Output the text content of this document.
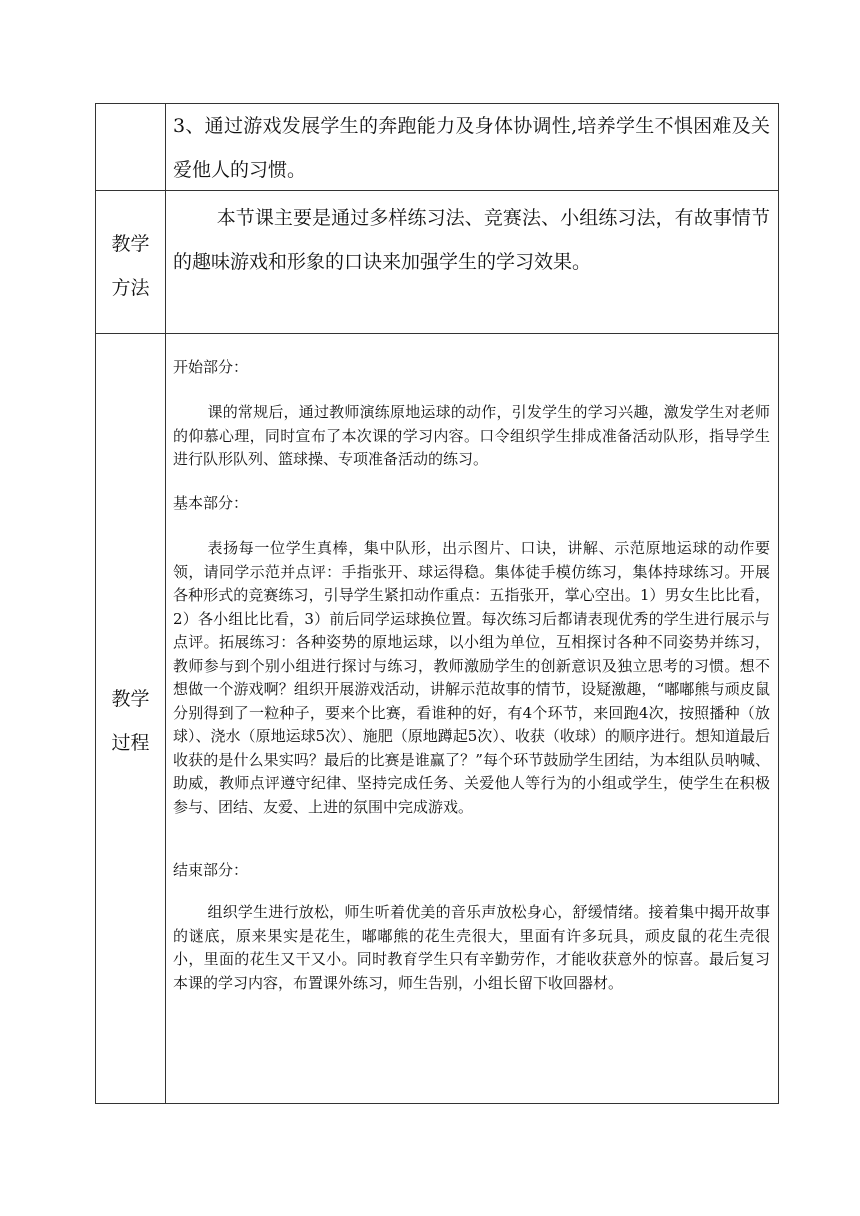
3、通过游戏发展学生的奔跑能力及身体协调性,培养学生不惧困难及关爱他人的习惯。
教学
方法
本节课主要是通过多样练习法、竞赛法、小组练习法，有故事情节的趣味游戏和形象的口诀来加强学生的学习效果。
教学
过程
开始部分：
课的常规后，通过教师演练原地运球的动作，引发学生的学习兴趣，激发学生对老师的仰慕心理，同时宣布了本次课的学习内容。口令组织学生排成准备活动队形，指导学生进行队形队列、篮球操、专项准备活动的练习。
基本部分：
表扬每一位学生真棒，集中队形，出示图片、口诀，讲解、示范原地运球的动作要领，请同学示范并点评：手指张开、球运得稳。集体徒手模仿练习，集体持球练习。开展各种形式的竞赛练习，引导学生紧扣动作重点：五指张开，掌心空出。1）男女生比比看，2）各小组比比看，3）前后同学运球换位置。每次练习后都请表现优秀的学生进行展示与点评。拓展练习：各种姿势的原地运球，以小组为单位，互相探讨各种不同姿势并练习，教师参与到个别小组进行探讨与练习，教师激励学生的创新意识及独立思考的习惯。想不想做一个游戏啊？组织开展游戏活动，讲解示范故事的情节，设疑激趣，“嘟嘟熊与顽皮鼠分别得到了一粒种子，要来个比赛，看谁种的好，有4个环节，来回跑4次，按照播种（放球）、浇水（原地运球5次）、施肥（原地蹲起5次）、收获（收球）的顺序进行。想知道最后收获的是什么果实吗？最后的比赛是谁赢了？”每个环节鼓励学生团结，为本组队员呐喊、助威，教师点评遵守纪律、坚持完成任务、关爱他人等行为的小组或学生，使学生在积极参与、团结、友爱、上进的氛围中完成游戏。
结束部分：
组织学生进行放松，师生听着优美的音乐声放松身心，舒缓情绪。接着集中揭开故事的谜底，原来果实是花生，嘟嘟熊的花生壳很大，里面有许多玩具，顽皮鼠的花生壳很小，里面的花生又干又小。同时教育学生只有辛勤劳作，才能收获意外的惊喜。最后复习本课的学习内容，布置课外练习，师生告别，小组长留下收回器材。
